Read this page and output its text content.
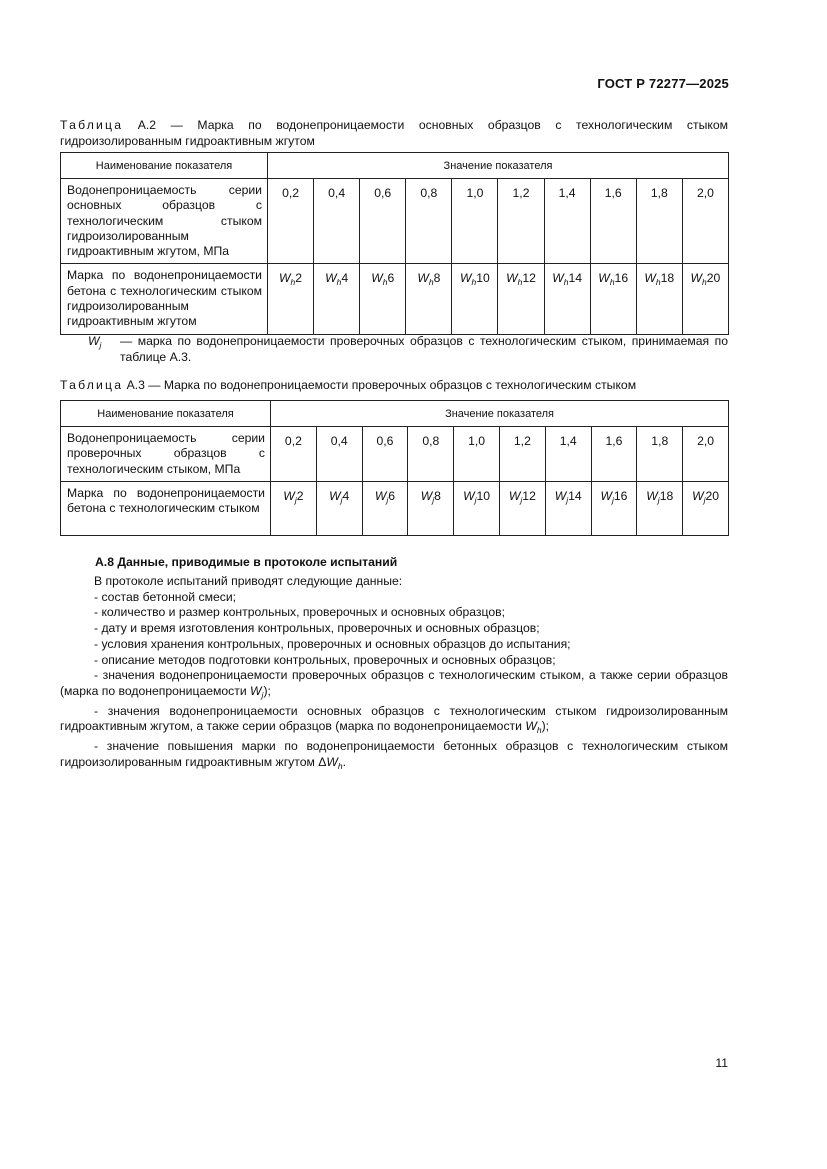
ГОСТ Р 72277—2025
Таблица А.2 — Марка по водонепроницаемости основных образцов с технологическим стыком гидроизолированным гидроактивным жгутом
Наименование показателя	Значение показателя									
Водонепроницаемость серии основных образцов с технологическим стыком гидроизолированным гидроактивным жгутом, МПа	0,2	0,4	0,6	0,8	1,0	1,2	1,4	1,6	1,8	2,0
Марка по водонепроницаемости бетона с технологическим стыком гидроизолированным гидроактивным жгутом	$W_h2$	$W_h4$	$W_h6$	$W_h8$	$W_h10$	$W_h12$	$W_h14$	$W_h16$	$W_h18$	$W_h20$
$W_j$ — марка по водонепроницаемости проверочных образцов с технологическим стыком, принимаемая по таблице А.3.
Таблица А.3 — Марка по водонепроницаемости проверочных образцов с технологическим стыком
Наименование показателя	Значение показателя									
Водонепроницаемость серии проверочных образцов с технологическим стыком, МПа	0,2	0,4	0,6	0,8	1,0	1,2	1,4	1,6	1,8	2,0
Марка по водонепроницаемости бетона с технологическим стыком	$W_j2$	$W_j4$	$W_j6$	$W_j8$	$W_j10$	$W_j12$	$W_j14$	$W_j16$	$W_j18$	$W_j20$
А.8 Данные, приводимые в протоколе испытаний

В протоколе испытаний приводят следующие данные:

- состав бетонной смеси;

- количество и размер контрольных, проверочных и основных образцов;

- дату и время изготовления контрольных, проверочных и основных образцов;

- условия хранения контрольных, проверочных и основных образцов до испытания;

- описание методов подготовки контрольных, проверочных и основных образцов;

- значения водонепроницаемости проверочных образцов с технологическим стыком, а также серии образцов (марка по водонепроницаемости $W_j$);

- значения водонепроницаемости основных образцов с технологическим стыком гидроизолированным гидроактивным жгутом, а также серии образцов (марка по водонепроницаемости $W_h$);

- значение повышения марки по водонепроницаемости бетонных образцов с технологическим стыком гидроизолированным гидроактивным жгутом $\Delta W_h$.

11
